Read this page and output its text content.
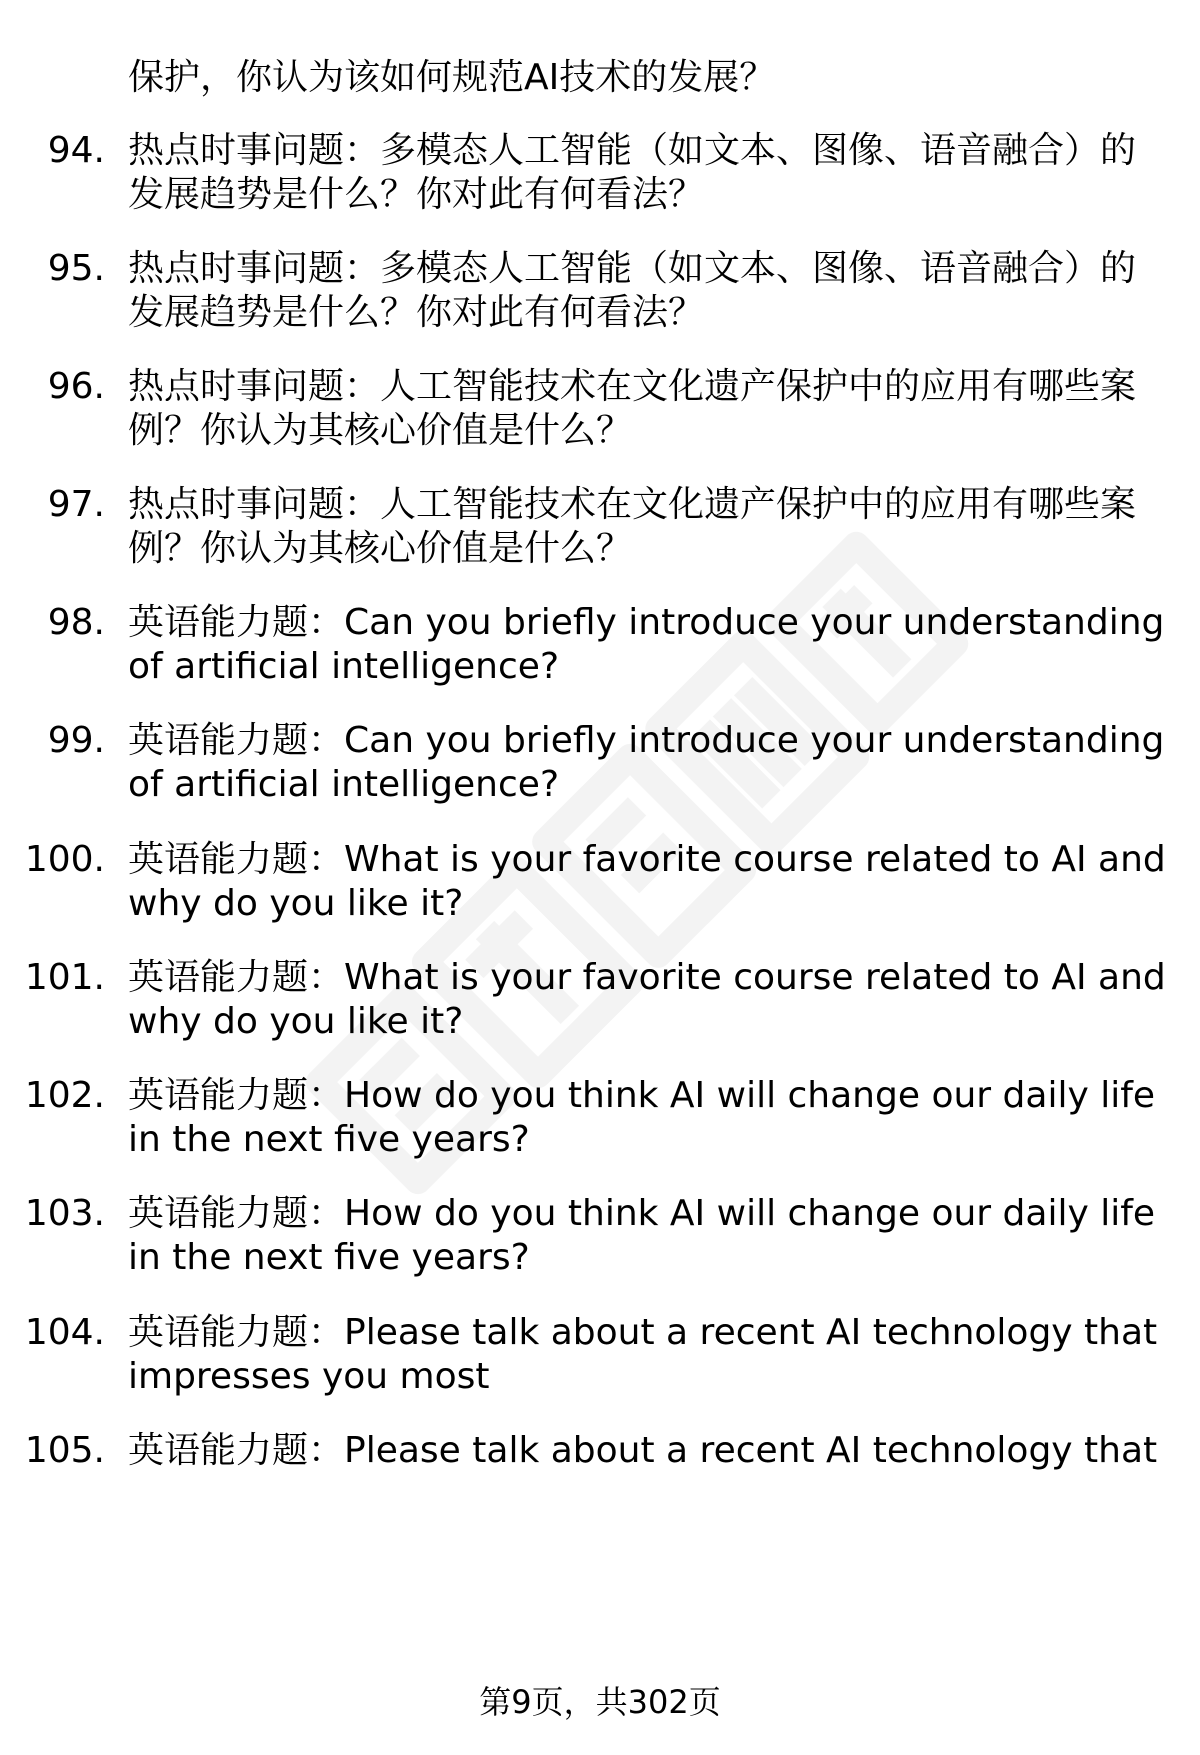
保护，你认为该如何规范AI技术的发展？
94. 热点时事问题：多模态人工智能（如文本、图像、语音融合）的
发展趋势是什么？你对此有何看法？
95. 热点时事问题：多模态人工智能（如文本、图像、语音融合）的
发展趋势是什么？你对此有何看法？
96. 热点时事问题：人工智能技术在文化遗产保护中的应用有哪些案
例？你认为其核心价值是什么？
97. 热点时事问题：人工智能技术在文化遗产保护中的应用有哪些案
例？你认为其核心价值是什么？
98. 英语能力题：Can you briefly introduce your understanding
of artificial intelligence?
99. 英语能力题：Can you briefly introduce your understanding
of artificial intelligence?
100. 英语能力题：What is your favorite course related to AI and
why do you like it?
101. 英语能力题：What is your favorite course related to AI and
why do you like it?
102. 英语能力题：How do you think AI will change our daily life
in the next five years?
103. 英语能力题：How do you think AI will change our daily life
in the next five years?
104. 英语能力题：Please talk about a recent AI technology that
impresses you most
105. 英语能力题：Please talk about a recent AI technology that
第9页，共302页
